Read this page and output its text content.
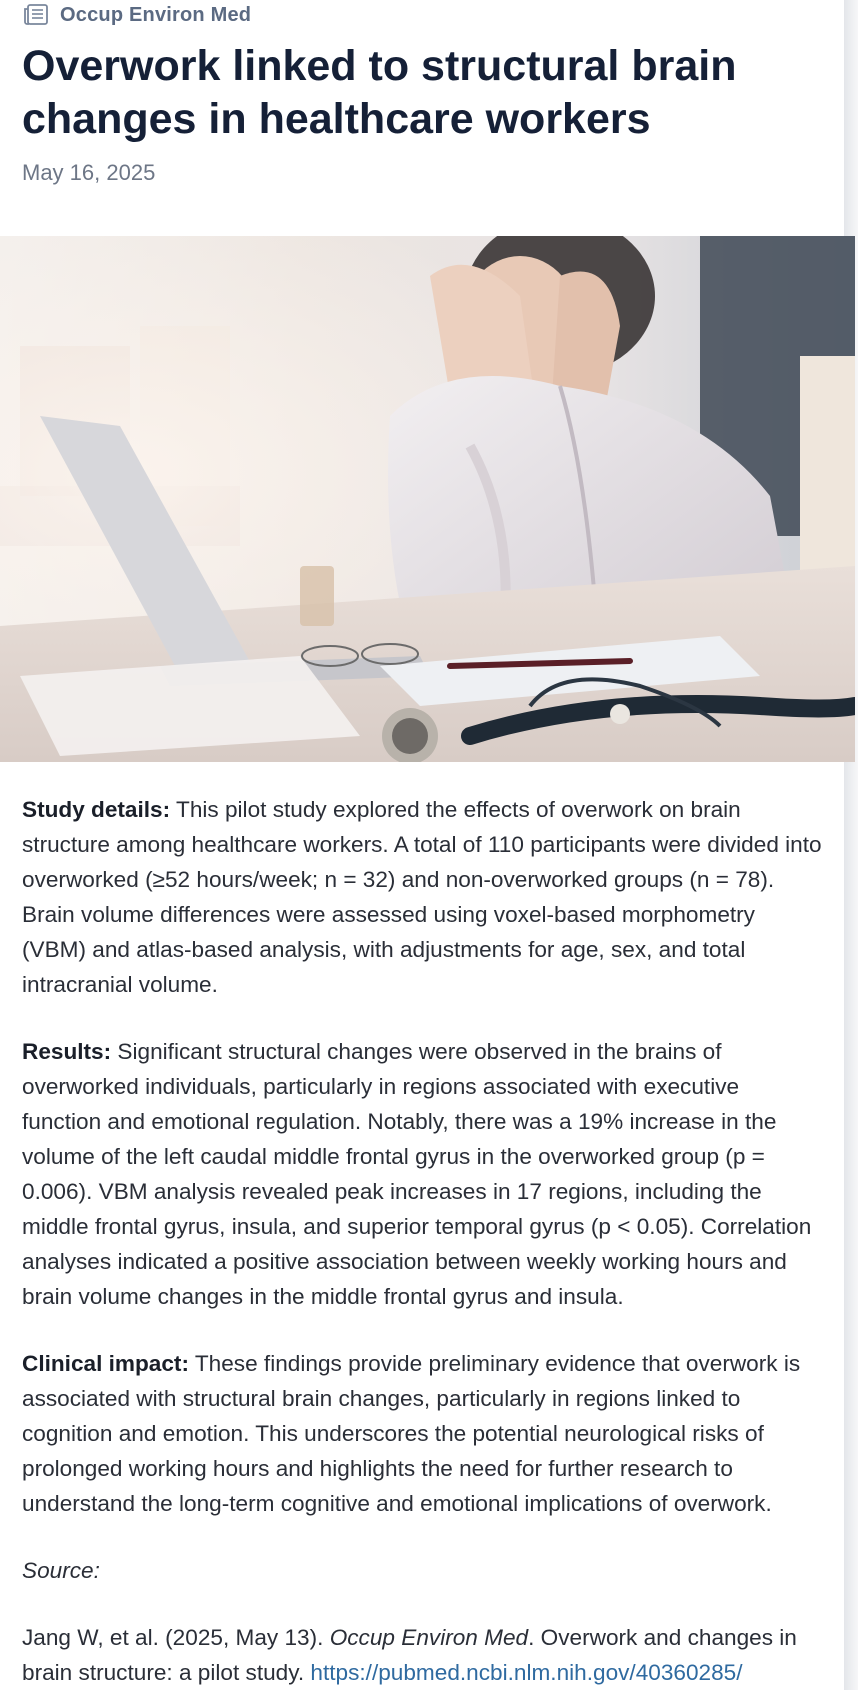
Occup Environ Med
Overwork linked to structural brain changes in healthcare workers
May 16, 2025

Study details: This pilot study explored the effects of overwork on brain structure among healthcare workers. A total of 110 participants were divided into overworked (≥52 hours/week; n = 32) and non-overworked groups (n = 78). Brain volume differences were assessed using voxel-based morphometry (VBM) and atlas-based analysis, with adjustments for age, sex, and total intracranial volume.

Results: Significant structural changes were observed in the brains of overworked individuals, particularly in regions associated with executive function and emotional regulation. Notably, there was a 19% increase in the volume of the left caudal middle frontal gyrus in the overworked group (p = 0.006). VBM analysis revealed peak increases in 17 regions, including the middle frontal gyrus, insula, and superior temporal gyrus (p < 0.05). Correlation analyses indicated a positive association between weekly working hours and brain volume changes in the middle frontal gyrus and insula.

Clinical impact: These findings provide preliminary evidence that overwork is associated with structural brain changes, particularly in regions linked to cognition and emotion. This underscores the potential neurological risks of prolonged working hours and highlights the need for further research to understand the long-term cognitive and emotional implications of overwork.

Source:

Jang W, et al. (2025, May 13). Occup Environ Med. Overwork and changes in brain structure: a pilot study. https://pubmed.ncbi.nlm.nih.gov/40360285/
